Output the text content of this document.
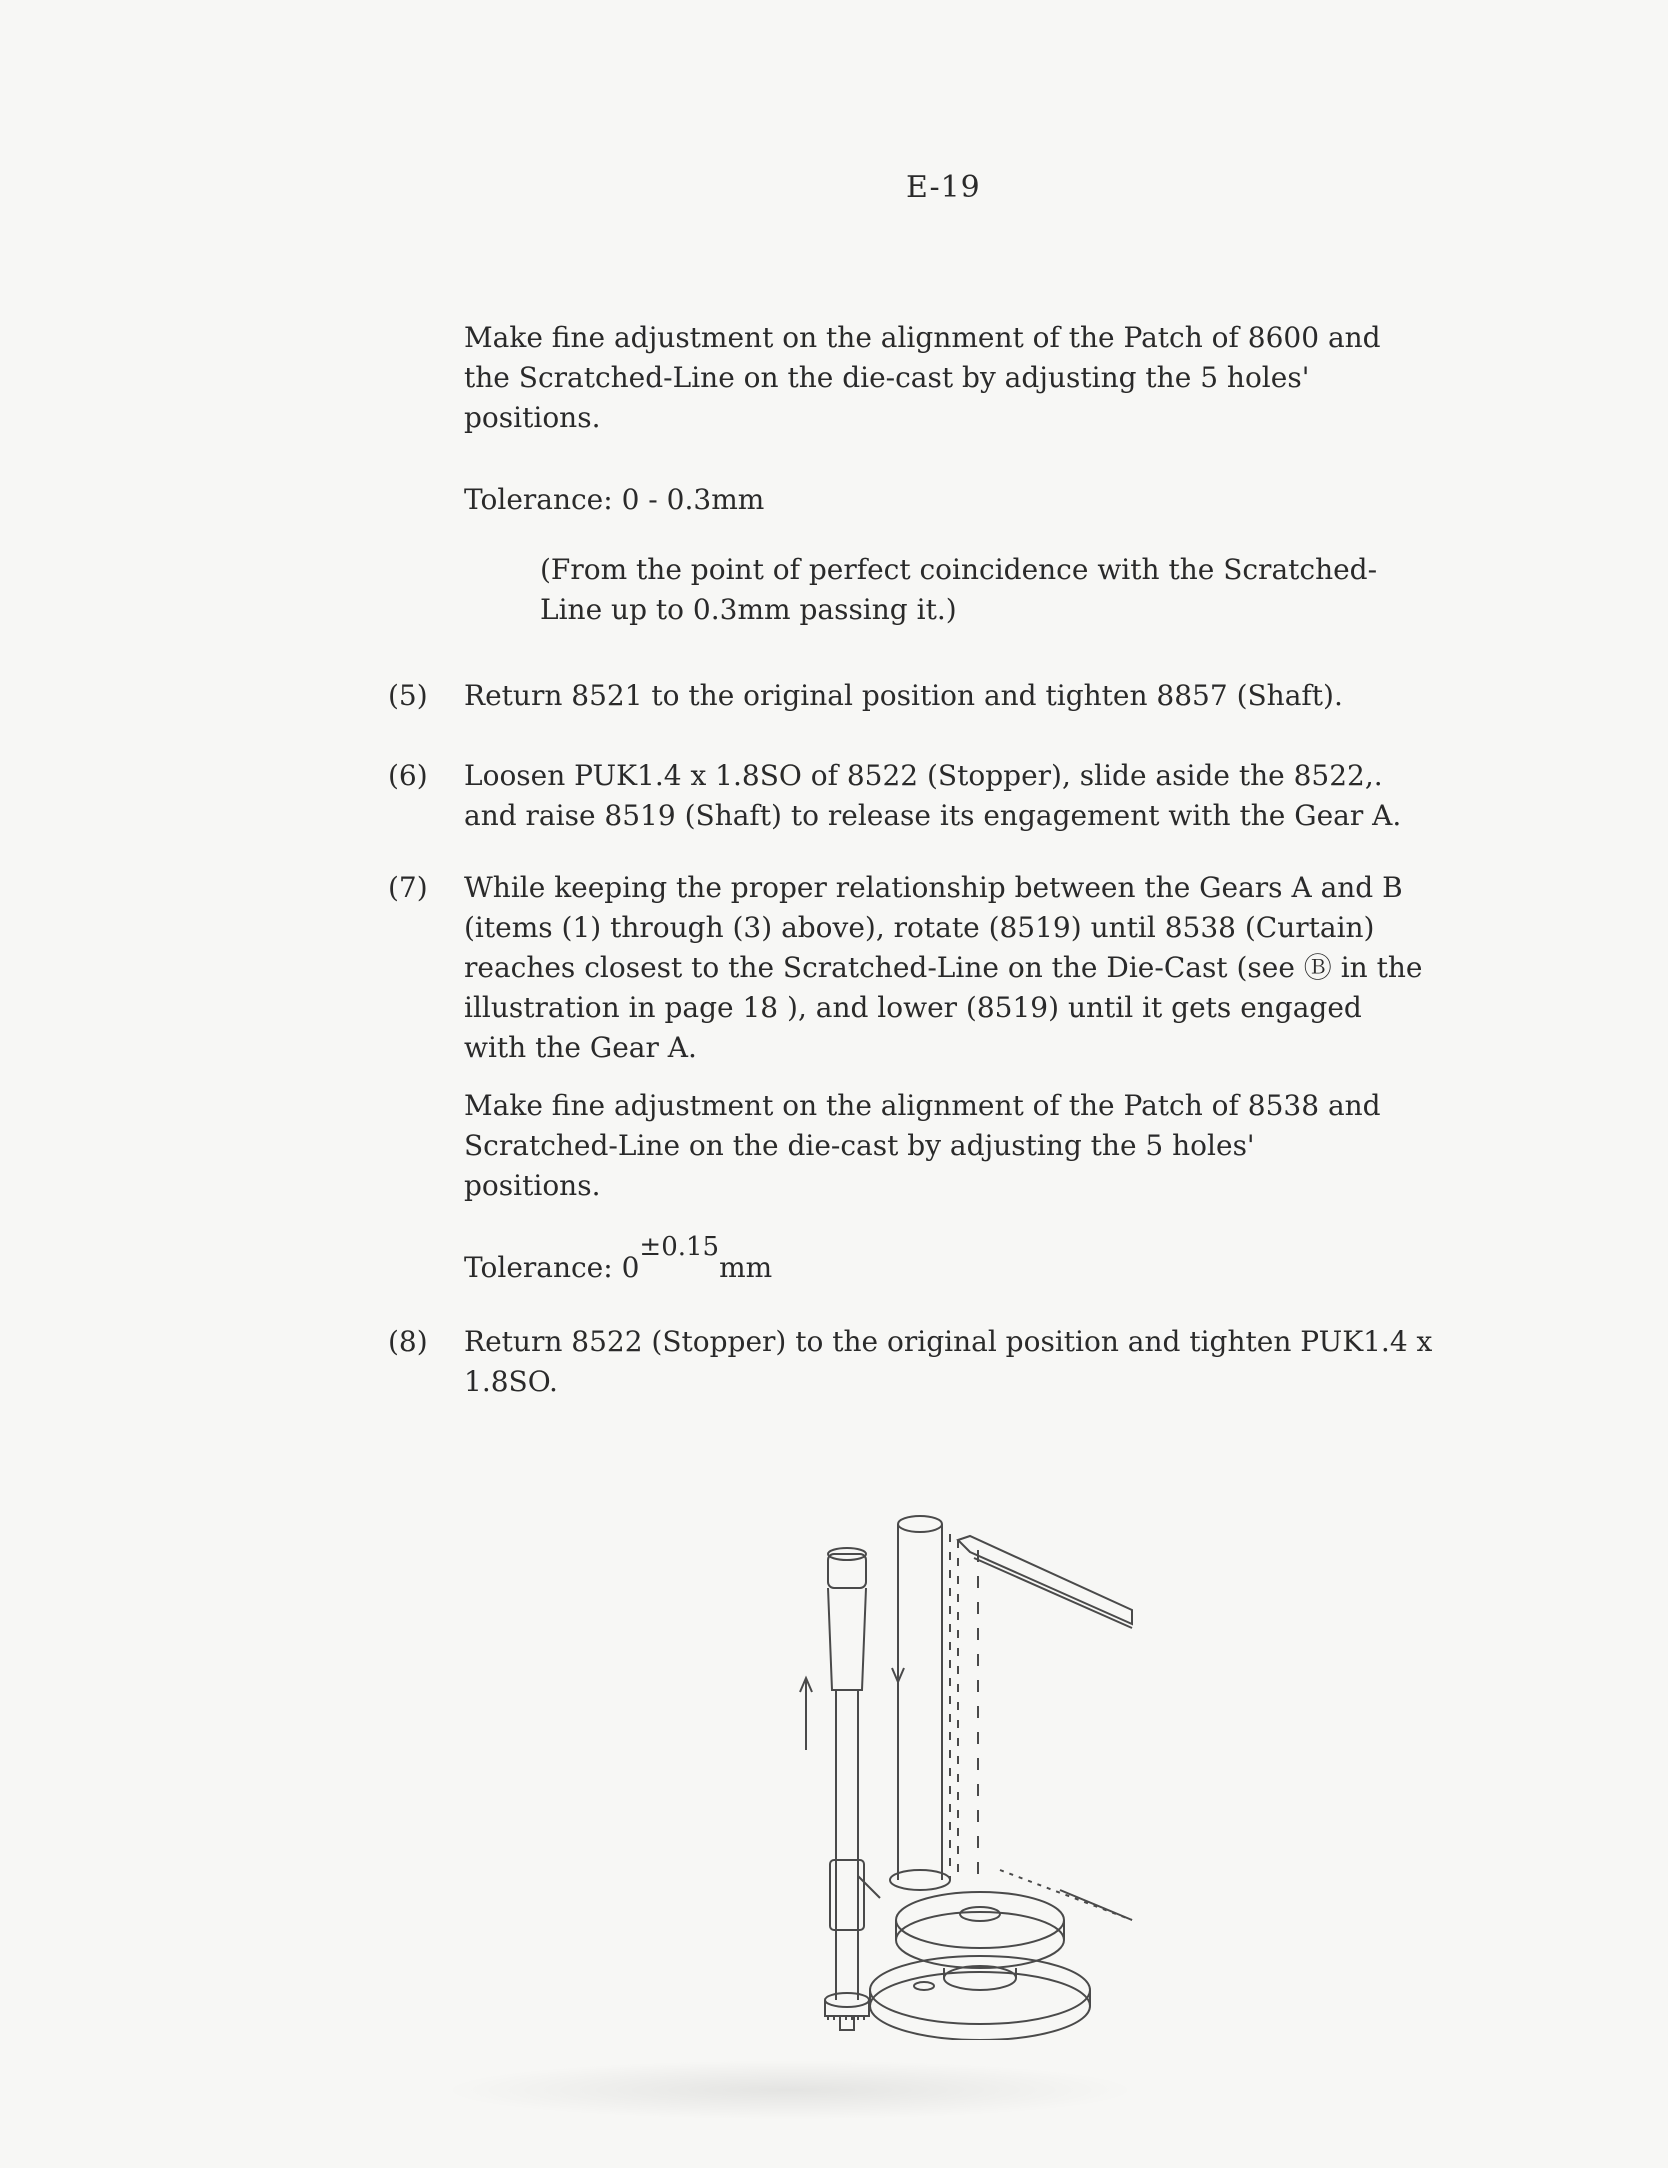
E-19

Make fine adjustment on the alignment of the Patch of 8600 and
the Scratched-Line on the die-cast by adjusting the 5 holes'
positions.

Tolerance: 0 - 0.3mm

(From the point of perfect coincidence with the Scratched-
Line up to 0.3mm passing it.)

(5) Return 8521 to the original position and tighten 8857 (Shaft).

(6) Loosen PUK1.4 x 1.8SO of 8522 (Stopper), slide aside the 8522,.
and raise 8519 (Shaft) to release its engagement with the Gear A.

(7) While keeping the proper relationship between the Gears A and B
(items (1) through (3) above), rotate (8519) until 8538 (Curtain)
reaches closest to the Scratched-Line on the Die-Cast (see Ⓑ in the
illustration in page 18 ), and lower (8519) until it gets engaged
with the Gear A.

Make fine adjustment on the alignment of the Patch of 8538 and
Scratched-Line on the die-cast by adjusting the 5 holes'
positions.

Tolerance: 0±0.15mm
(8) Return 8522 (Stopper) to the original position and tighten PUK1.4 x
1.8SO.
